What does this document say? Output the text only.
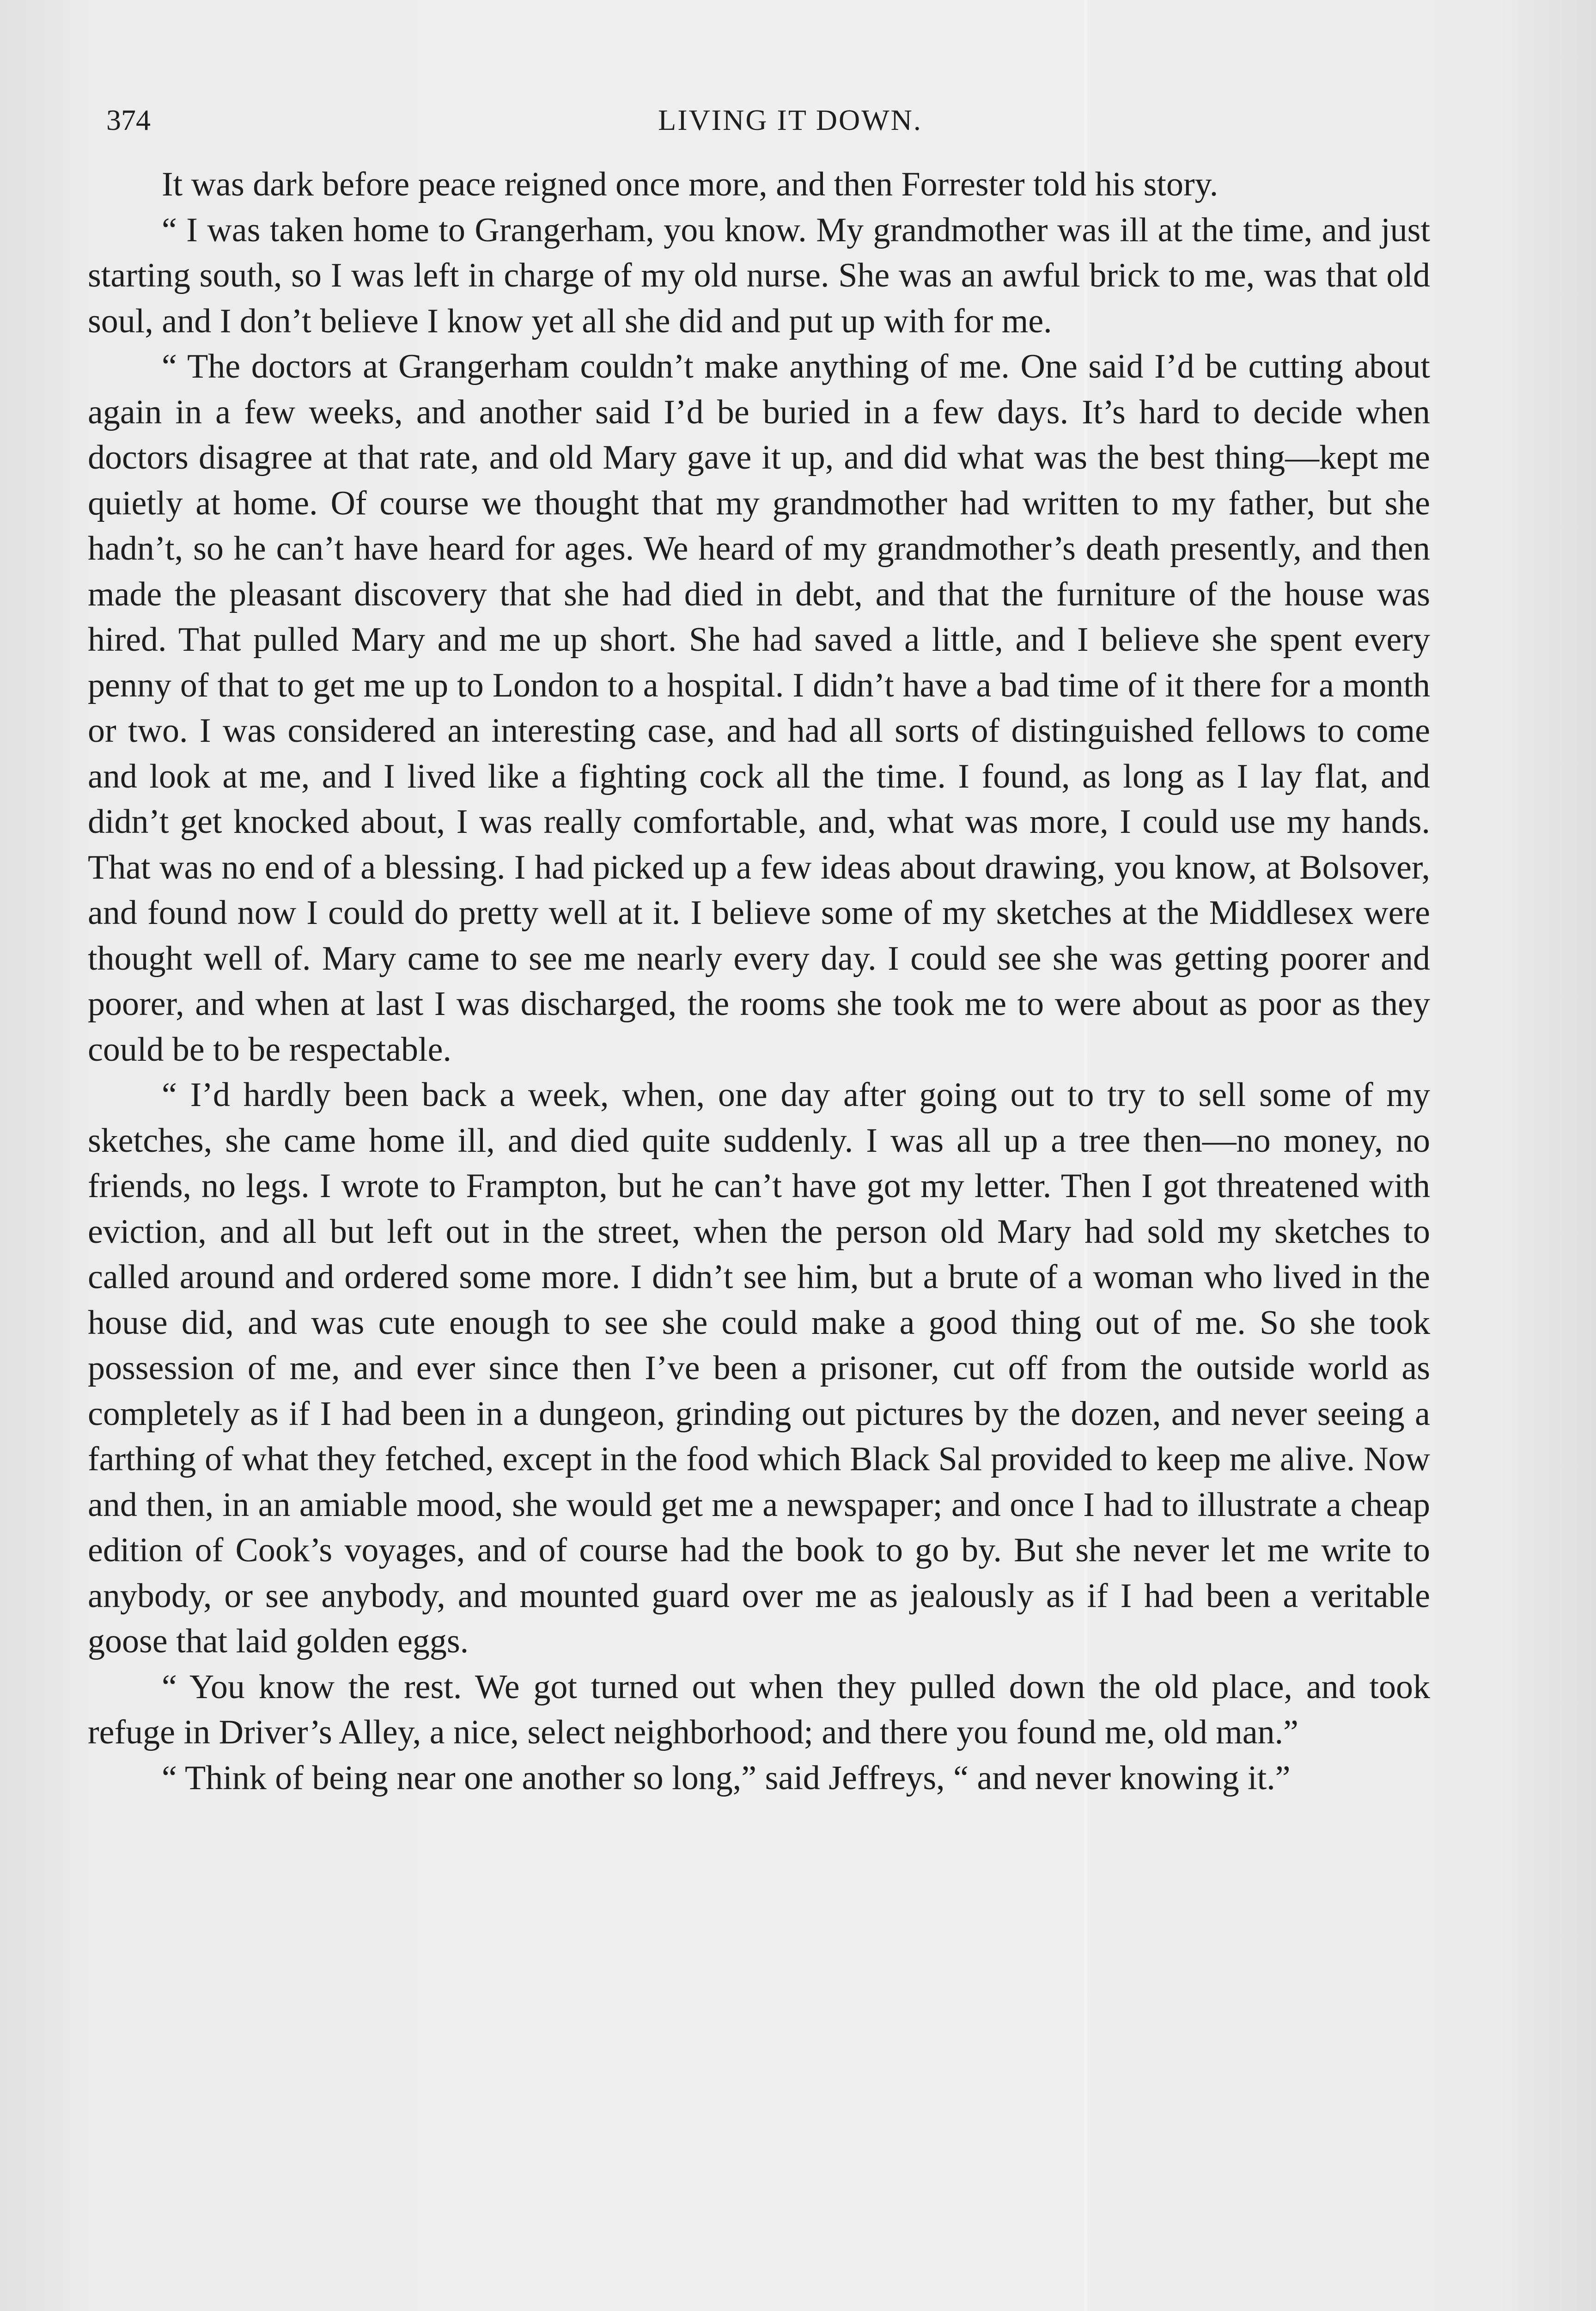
374	LIVING IT DOWN.

It was dark before peace reigned once more, and then Forrester told his story.

“ I was taken home to Grangerham, you know. My grandmother was ill at the time, and just starting south, so I was left in charge of my old nurse. She was an awful brick to me, was that old soul, and I don’t believe I know yet all she did and put up with for me.

“ The doctors at Grangerham couldn’t make anything of me. One said I’d be cutting about again in a few weeks, and another said I’d be buried in a few days. It’s hard to decide when doctors disagree at that rate, and old Mary gave it up, and did what was the best thing—kept me quietly at home. Of course we thought that my grandmother had written to my father, but she hadn’t, so he can’t have heard for ages. We heard of my grandmother’s death presently, and then made the pleasant discovery that she had died in debt, and that the furniture of the house was hired. That pulled Mary and me up short. She had saved a little, and I believe she spent every penny of that to get me up to London to a hospital. I didn’t have a bad time of it there for a month or two. I was considered an interesting case, and had all sorts of distinguished fellows to come and look at me, and I lived like a fighting cock all the time. I found, as long as I lay flat, and didn’t get knocked about, I was really comfortable, and, what was more, I could use my hands. That was no end of a blessing. I had picked up a few ideas about drawing, you know, at Bolsover, and found now I could do pretty well at it. I believe some of my sketches at the Middlesex were thought well of. Mary came to see me nearly every day. I could see she was getting poorer and poorer, and when at last I was discharged, the rooms she took me to were about as poor as they could be to be respectable.

“ I’d hardly been back a week, when, one day after going out to try to sell some of my sketches, she came home ill, and died quite suddenly. I was all up a tree then—no money, no friends, no legs. I wrote to Frampton, but he can’t have got my letter. Then I got threatened with eviction, and all but left out in the street, when the person old Mary had sold my sketches to called around and ordered some more. I didn’t see him, but a brute of a woman who lived in the house did, and was cute enough to see she could make a good thing out of me. So she took possession of me, and ever since then I’ve been a prisoner, cut off from the outside world as completely as if I had been in a dungeon, grinding out pictures by the dozen, and never seeing a farthing of what they fetched, except in the food which Black Sal provided to keep me alive. Now and then, in an amiable mood, she would get me a newspaper; and once I had to illustrate a cheap edition of Cook’s voyages, and of course had the book to go by. But she never let me write to anybody, or see anybody, and mounted guard over me as jealously as if I had been a veritable goose that laid golden eggs.

“ You know the rest. We got turned out when they pulled down the old place, and took refuge in Driver’s Alley, a nice, select neighborhood; and there you found me, old man.”

“ Think of being near one another so long,” said Jeffreys, “ and never knowing it.”
